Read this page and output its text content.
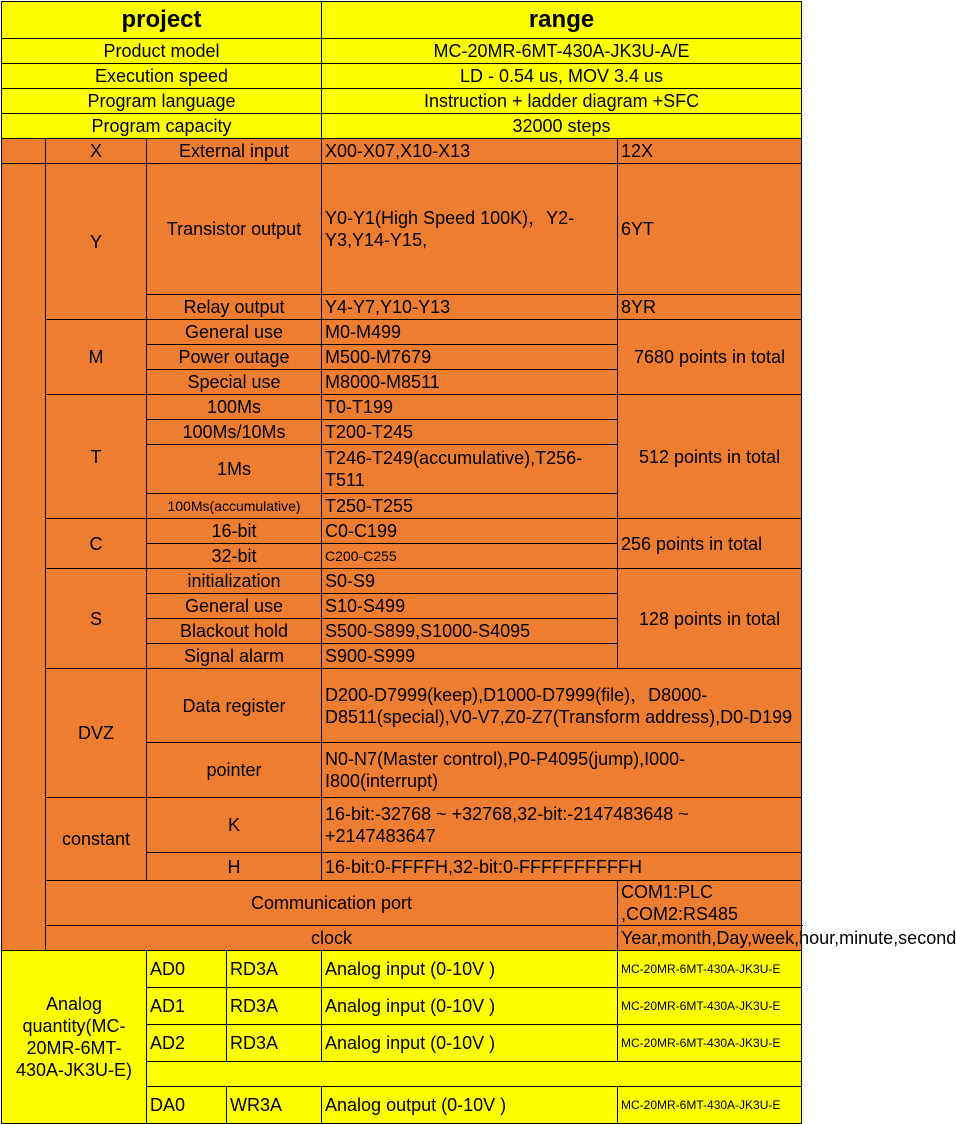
project				range	
Product model				MC-20MR-6MT-430A-JK3U-A/E	
Execution speed				LD - 0.54 us, MOV 3.4 us	
Program language				Instruction + ladder diagram +SFC	
Program capacity				32000 steps	
	X	External input		X00-X07,X10-X13	12X
	Y	Transistor output		Y0-Y1(High Speed 100K)，Y2-Y3,Y14-Y15,	6YT
		Relay output		Y4-Y7,Y10-Y13	8YR
	M	General use		M0-M499	7680 points in total
		Power outage		M500-M7679	
		Special use		M8000-M8511	
	T	100Ms		T0-T199	512 points in total
		100Ms/10Ms		T200-T245	
		1Ms		T246-T249(accumulative),T256-T511	
		100Ms(accumulative)		T250-T255	
	C	16-bit		C0-C199	256 points in total
		32-bit		C200-C255	
	S	initialization		S0-S9	128 points in total
		General use		S10-S499	
		Blackout hold		S500-S899,S1000-S4095	
		Signal alarm		S900-S999	
	DVZ	Data register		D200-D7999(keep),D1000-D7999(file)，D8000-D8511(special),V0-V7,Z0-Z7(Transform address),D0-D199	
		pointer		N0-N7(Master control),P0-P4095(jump),I000-I800(interrupt)	
	constant	K		16-bit:-32768 ~ +32768,32-bit:-2147483648 ~ +2147483647	
		H		16-bit:0-FFFFH,32-bit:0-FFFFFFFFFFH	
	Communication port				COM1:PLC ,COM2:RS485
	clock				Year,month,Day,week,hour,minute,second
Analog quantity(MC-20MR-6MT-430A-JK3U-E)		AD0	RD3A	Analog input (0-10V )	MC-20MR-6MT-430A-JK3U-E
		AD1	RD3A	Analog input (0-10V )	MC-20MR-6MT-430A-JK3U-E
		AD2	RD3A	Analog input (0-10V )	MC-20MR-6MT-430A-JK3U-E

		DA0	WR3A	Analog output (0-10V )	MC-20MR-6MT-430A-JK3U-E
